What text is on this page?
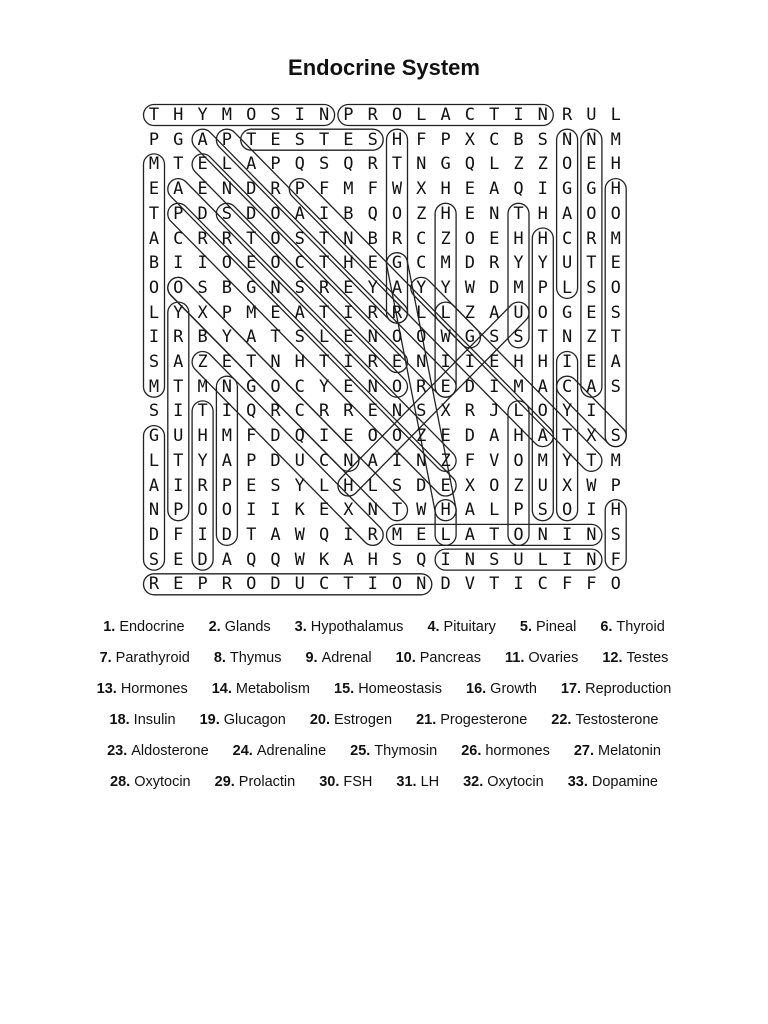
Endocrine System
T H Y M O S I N P R O L A C T I N R U L
P G A P T E S T E S H F P X C B S N N M
M T E L A P Q S Q R T N G Q L Z Z O E H
E A E N D R P F M F W X H E A Q I G G H
T P D S D O A I B Q O Z H E N T H A O O
A C R R T O S T N B R C Z O E H H C R M
B I I O E O C T H E G C M D R Y Y U T E
O O S B G N S R E Y A Y Y W D M P L S O
L Y X P M E A T I R R L L Z A U O G E S
I R B Y A T S L E N O O W G S S T N Z T
S A Z E T N H T I R E N I I E H H I E A
M T M N G O C Y E N O R E D I M A C A S
S I T I Q R C R R E N S X R J L O Y I
G U H M F D Q I E O O Z E D A H A T X S
L T Y A P D U C N A I N Z F V O M Y T M
A I R P E S Y L H L S D E X O Z U X W P
N P O O I I K E X N T W H A L P S O I H
D F I D T A W Q I R M E L A T O N I N S
S E D A Q Q W K A H S Q I N S U L I N F
R E P R O D U C T I O N D V T I C F F O
1. Endocrine 2. Glands 3. Hypothalamus 4. Pituitary 5. Pineal 6. Thyroid
7. Parathyroid 8. Thymus 9. Adrenal 10. Pancreas 11. Ovaries 12. Testes
13. Hormones 14. Metabolism 15. Homeostasis 16. Growth 17. Reproduction
18. Insulin 19. Glucagon 20. Estrogen 21. Progesterone 22. Testosterone
23. Aldosterone 24. Adrenaline 25. Thymosin 26. hormones 27. Melatonin
28. Oxytocin 29. Prolactin 30. FSH 31. LH 32. Oxytocin 33. Dopamine
